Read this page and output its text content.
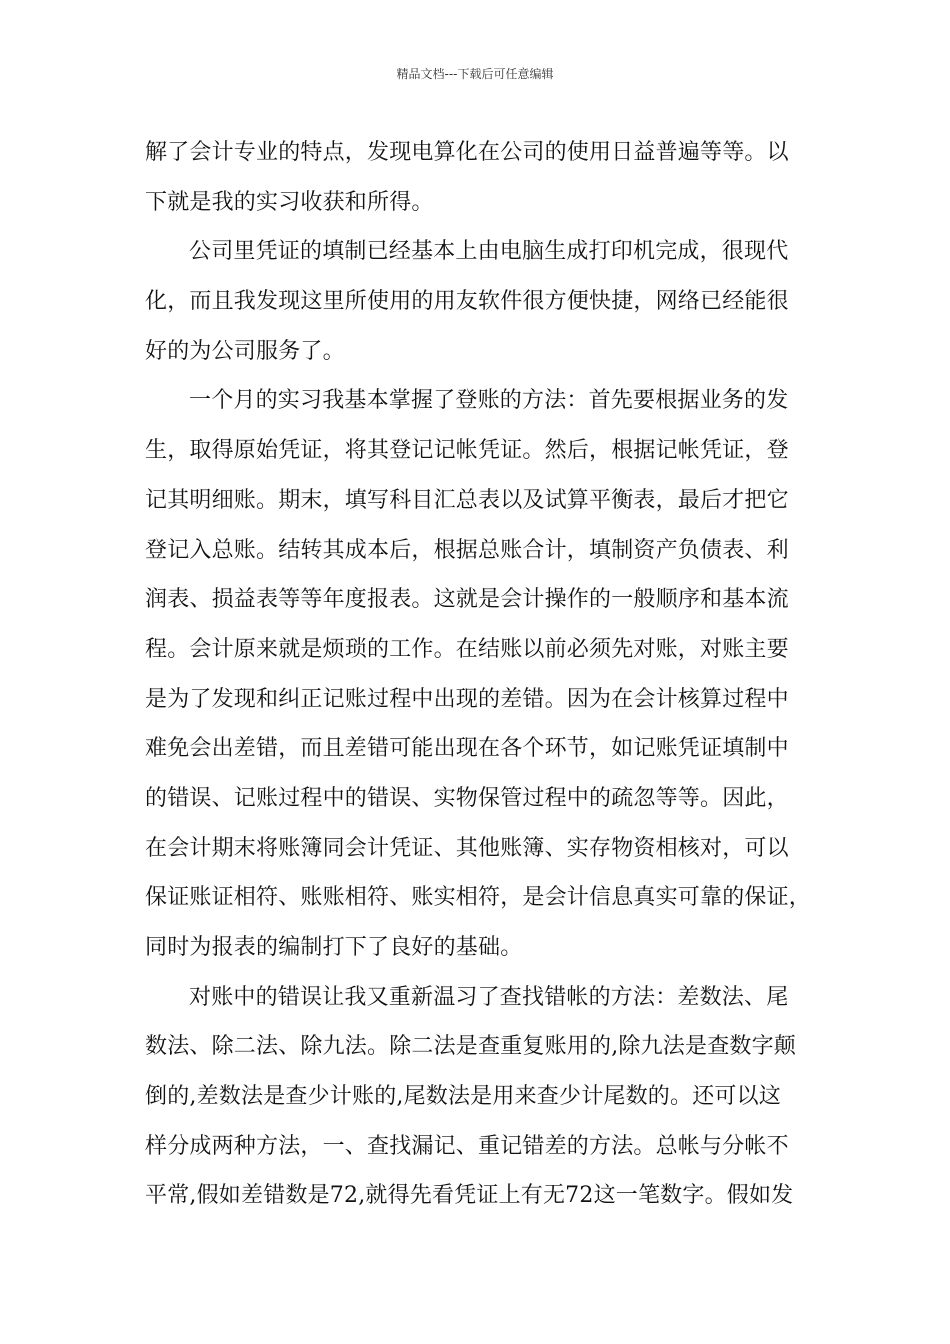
精品文档---下载后可任意编辑
解了会计专业的特点，发现电算化在公司的使用日益普遍等等。以
下就是我的实习收获和所得。
公司里凭证的填制已经基本上由电脑生成打印机完成，很现代
化，而且我发现这里所使用的用友软件很方便快捷，网络已经能很
好的为公司服务了。
一个月的实习我基本掌握了登账的方法：首先要根据业务的发
生，取得原始凭证，将其登记记帐凭证。然后，根据记帐凭证，登
记其明细账。期末，填写科目汇总表以及试算平衡表，最后才把它
登记入总账。结转其成本后，根据总账合计，填制资产负债表、利
润表、损益表等等年度报表。这就是会计操作的一般顺序和基本流
程。会计原来就是烦琐的工作。在结账以前必须先对账，对账主要
是为了发现和纠正记账过程中出现的差错。因为在会计核算过程中
难免会出差错，而且差错可能出现在各个环节，如记账凭证填制中
的错误、记账过程中的错误、实物保管过程中的疏忽等等。因此，
在会计期末将账簿同会计凭证、其他账簿、实存物资相核对，可以
保证账证相符、账账相符、账实相符，是会计信息真实可靠的保证，
同时为报表的编制打下了良好的基础。
对账中的错误让我又重新温习了查找错帐的方法：差数法、尾
数法、除二法、除九法。除二法是查重复账用的,除九法是查数字颠
倒的,差数法是查少计账的,尾数法是用来查少计尾数的。还可以这
样分成两种方法，一、查找漏记、重记错差的方法。总帐与分帐不
平常,假如差错数是72,就得先看凭证上有无72这一笔数字。假如发
